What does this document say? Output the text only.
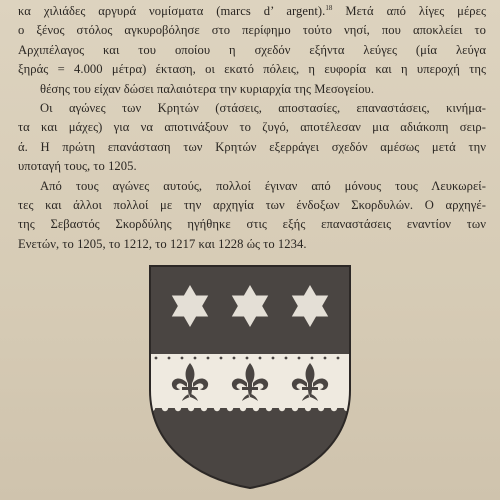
κα χιλιάδες αργυρά νομίσματα (marcs d’ argent).$^{18}$ Μετά από λίγες μέρες
ο ξένος στόλος αγκυροβόλησε στο περίφημο τούτο νησί, που αποκλείει το
Αρχιπέλαγος και του οποίου η σχεδόν εξήντα λεύγες (μία λεύγα
ξηράς = 4.000 μέτρα) έκταση, οι εκατό πόλεις, η ευφορία και η υπεροχή της
θέσης του είχαν δώσει παλαιότερα την κυριαρχία της Μεσογείου.

Οι αγώνες των Κρητών (στάσεις, αποστασίες, επαναστάσεις, κινήμα-
τα και μάχες) για να αποτινάξουν το ζυγό, αποτέλεσαν μια αδιάκοπη σειρ-
ά. Η πρώτη επανάσταση των Κρητών εξερράγει σχεδόν αμέσως μετά την
υποταγή τους, το 1205.

Από τους αγώνες αυτούς, πολλοί έγιναν από μόνους τους Λευκωρεί-
τες και άλλοι πολλοί με την αρχηγία των ένδοξων Σκορδυλών. Ο αρχηγέ-
της Σεβαστός Σκορδύλης ηγήθηκε στις εξής επαναστάσεις εναντίον των
Ενετών, το 1205, το 1212, το 1217 και 1228 ώς το 1234.
